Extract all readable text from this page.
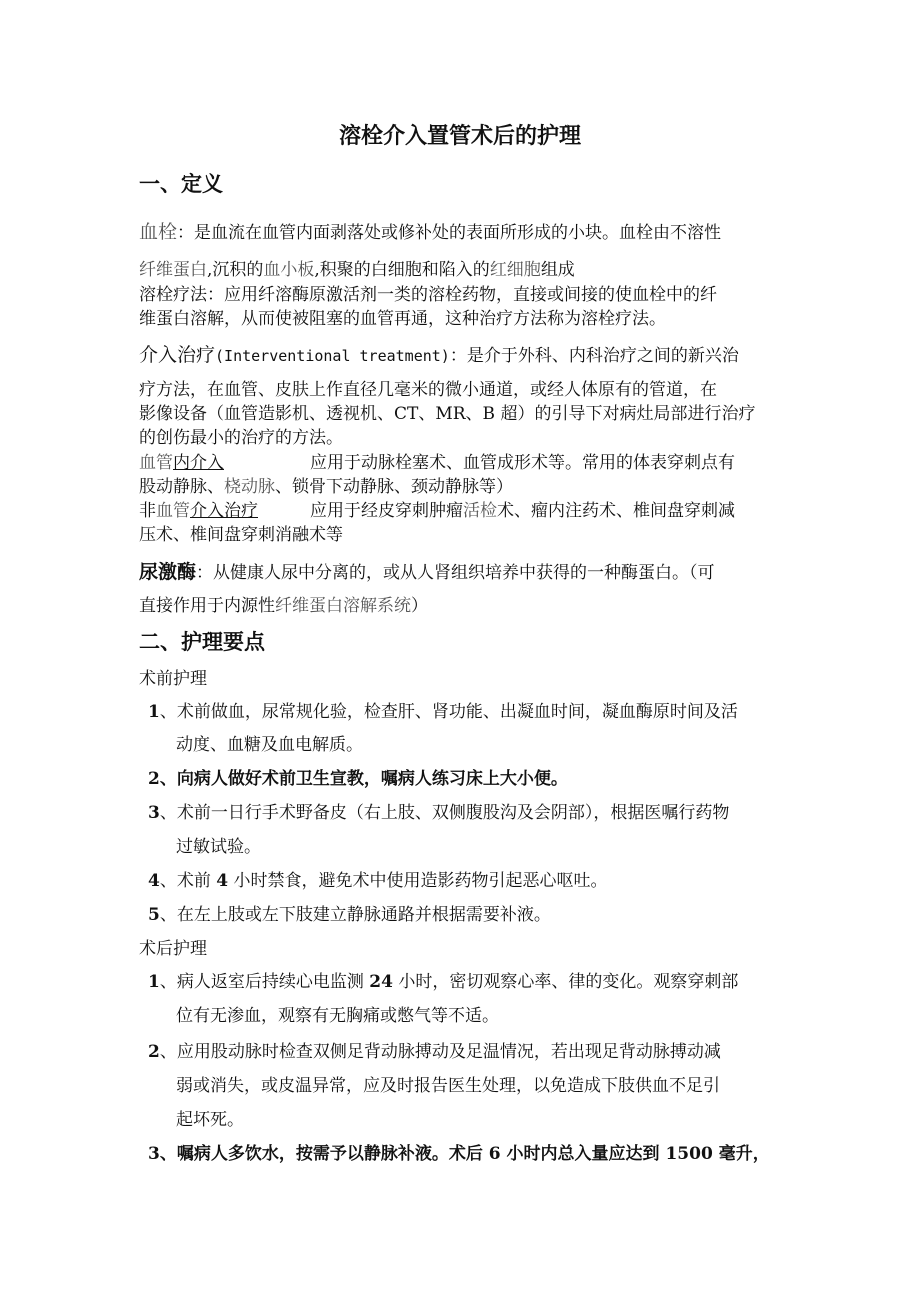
溶栓介入置管术后的护理
一、定义
血栓：是血流在血管内面剥落处或修补处的表面所形成的小块。血栓由不溶性
纤维蛋白,沉积的血小板,积聚的白细胞和陷入的红细胞组成
溶栓疗法：应用纤溶酶原激活剂一类的溶栓药物，直接或间接的使血栓中的纤
维蛋白溶解，从而使被阻塞的血管再通，这种治疗方法称为溶栓疗法。
介入治疗(Interventional treatment)：是介于外科、内科治疗之间的新兴治
疗方法，在血管、皮肤上作直径几毫米的微小通道，或经人体原有的管道，在
影像设备（血管造影机、透视机、CT、MR、B 超）的引导下对病灶局部进行治疗
的创伤最小的治疗的方法。
血管内介入	应用于动脉栓塞术、血管成形术等。常用的体表穿刺点有
股动静脉、桡动脉、锁骨下动静脉、颈动静脉等）
非血管介入治疗	应用于经皮穿刺肿瘤活检术、瘤内注药术、椎间盘穿刺减
压术、椎间盘穿刺消融术等
尿激酶：从健康人尿中分离的，或从人肾组织培养中获得的一种酶蛋白。（可
直接作用于内源性纤维蛋白溶解系统）
二、护理要点
术前护理
1、术前做血，尿常规化验，检查肝、肾功能、出凝血时间，凝血酶原时间及活
动度、血糖及血电解质。
2、向病人做好术前卫生宣教，嘱病人练习床上大小便。
3、术前一日行手术野备皮（右上肢、双侧腹股沟及会阴部），根据医嘱行药物
过敏试验。
4、术前 4 小时禁食，避免术中使用造影药物引起恶心呕吐。
5、在左上肢或左下肢建立静脉通路并根据需要补液。
术后护理
1、病人返室后持续心电监测 24 小时，密切观察心率、律的变化。观察穿刺部
位有无渗血，观察有无胸痛或憋气等不适。
2、应用股动脉时检查双侧足背动脉搏动及足温情况，若出现足背动脉搏动减
弱或消失，或皮温异常，应及时报告医生处理，以免造成下肢供血不足引
起坏死。
3、嘱病人多饮水，按需予以静脉补液。术后 6 小时内总入量应达到 1500 毫升，
